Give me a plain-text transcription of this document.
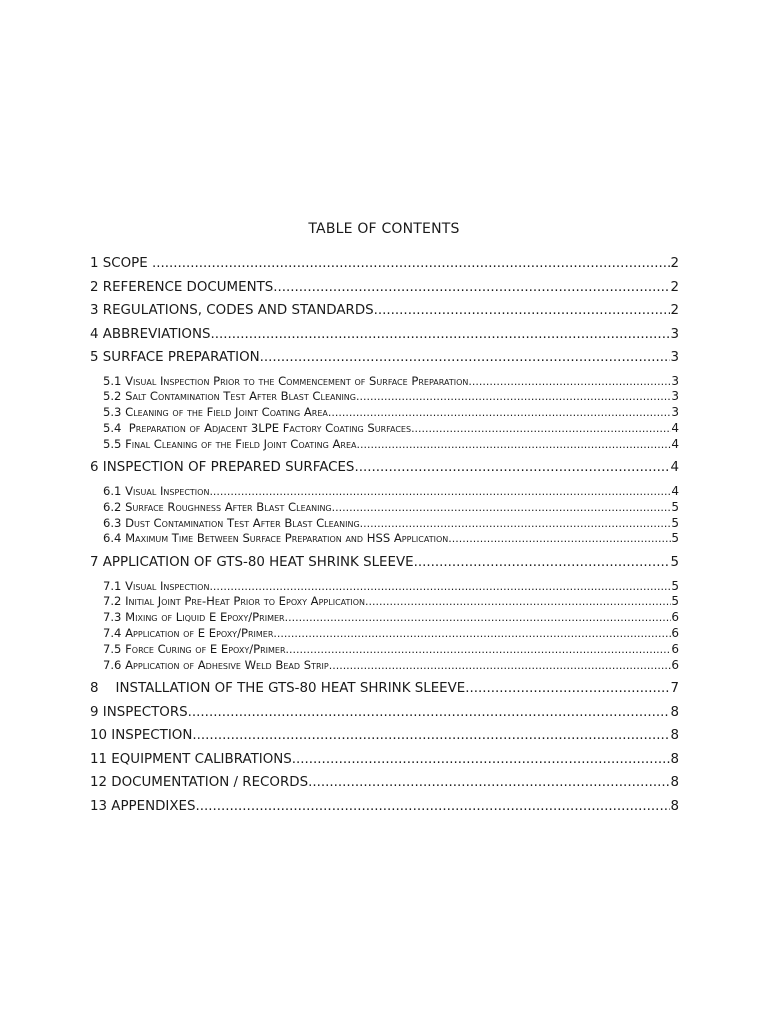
TABLE OF CONTENTS
1 SCOPE .....	2
2 REFERENCE DOCUMENTS .....	2
3 REGULATIONS, CODES AND STANDARDS .....	2
4 ABBREVIATIONS .....	3
5 SURFACE PREPARATION .....	3
5.1 Visual Inspection Prior to the Commencement of Surface Preparation .....	3
5.2 Salt Contamination Test After Blast Cleaning .....	3
5.3 Cleaning of the Field Joint Coating Area .....	3
5.4  Preparation of Adjacent 3LPE Factory Coating Surfaces .....	4
5.5 Final Cleaning of the Field Joint Coating Area .....	4
6 INSPECTION OF PREPARED SURFACES .....	4
6.1 Visual Inspection .....	4
6.2 Surface Roughness After Blast Cleaning .....	5
6.3 Dust Contamination Test After Blast Cleaning .....	5
6.4 Maximum Time Between Surface Preparation and HSS Application .....	5
7 APPLICATION OF GTS-80 HEAT SHRINK SLEEVE .....	5
7.1 Visual Inspection .....	5
7.2 Initial Joint Pre-Heat Prior to Epoxy Application .....	5
7.3 Mixing of Liquid E Epoxy/Primer .....	6
7.4 Application of E Epoxy/Primer .....	6
7.5 Force Curing of E Epoxy/Primer .....	6
7.6 Application of Adhesive Weld Bead Strip .....	6
8    INSTALLATION OF THE GTS-80 HEAT SHRINK SLEEVE .....	7
9 INSPECTORS .....	8
10 INSPECTION .....	8
11 EQUIPMENT CALIBRATIONS .....	8
12 DOCUMENTATION / RECORDS .....	8
13 APPENDIXES .....	8
